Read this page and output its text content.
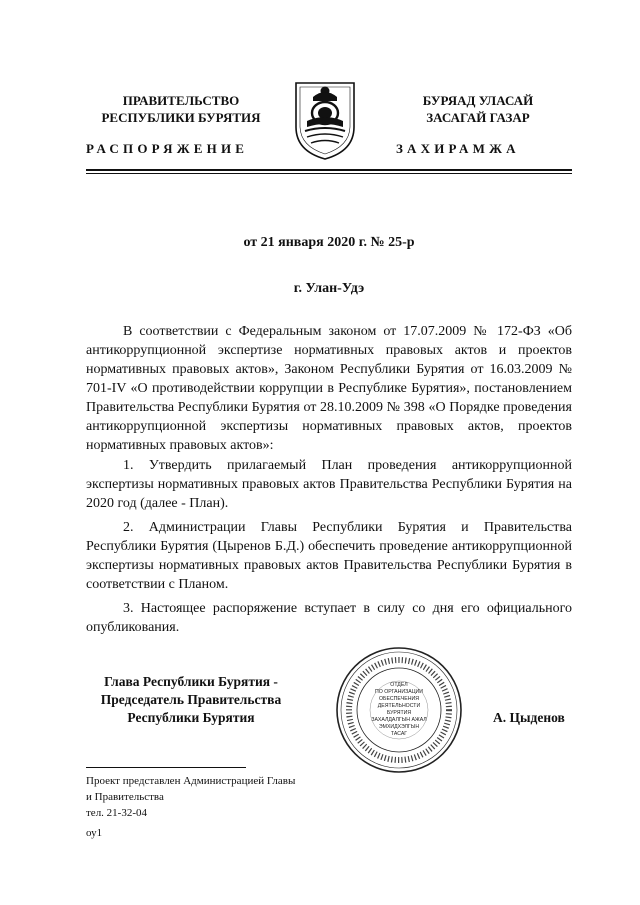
ПРАВИТЕЛЬСТВО
РЕСПУБЛИКИ БУРЯТИЯ
БУРЯАД УЛАСАЙ
ЗАСАГАЙ ГАЗАР
РАСПОРЯЖЕНИЕ	ЗАХИРАМЖА
от 21 января 2020 г. № 25-р
г. Улан-Удэ
В соответствии с Федеральным законом от 17.07.2009 № 172-ФЗ «Об антикоррупционной экспертизе нормативных правовых актов и проектов нормативных правовых актов», Законом Республики Бурятия от 16.03.2009 № 701-IV «О противодействии коррупции в Республике Бурятия», постановлением Правительства Республики Бурятия от 28.10.2009 № 398 «О Порядке проведения антикоррупционной экспертизы нормативных правовых актов, проектов нормативных правовых актов»:
1. Утвердить прилагаемый План проведения антикоррупционной экспертизы нормативных правовых актов Правительства Республики Бурятия на 2020 год (далее - План).
2. Администрации Главы Республики Бурятия и Правительства Республики Бурятия (Цыренов Б.Д.) обеспечить проведение антикоррупционной экспертизы нормативных правовых актов Правительства Республики Бурятия в соответствии с Планом.
3. Настоящее распоряжение вступает в силу со дня его официального опубликования.
Глава Республики Бурятия -
Председатель Правительства
Республики Бурятия	А. Цыденов
ОТДЕЛ
ПО ОРГАНИЗАЦИИ
ОБЕСПЕЧЕНИЯ
ДЕЯТЕЛЬНОСТИ
БУРЯТИЯ
ЗАХАЛДАЛГЫН АЖАЛ
ЭМХИДХЭЛГЫН
ТАСАГ
Проект представлен Администрацией Главы
и Правительства
тел. 21-32-04
оу1
